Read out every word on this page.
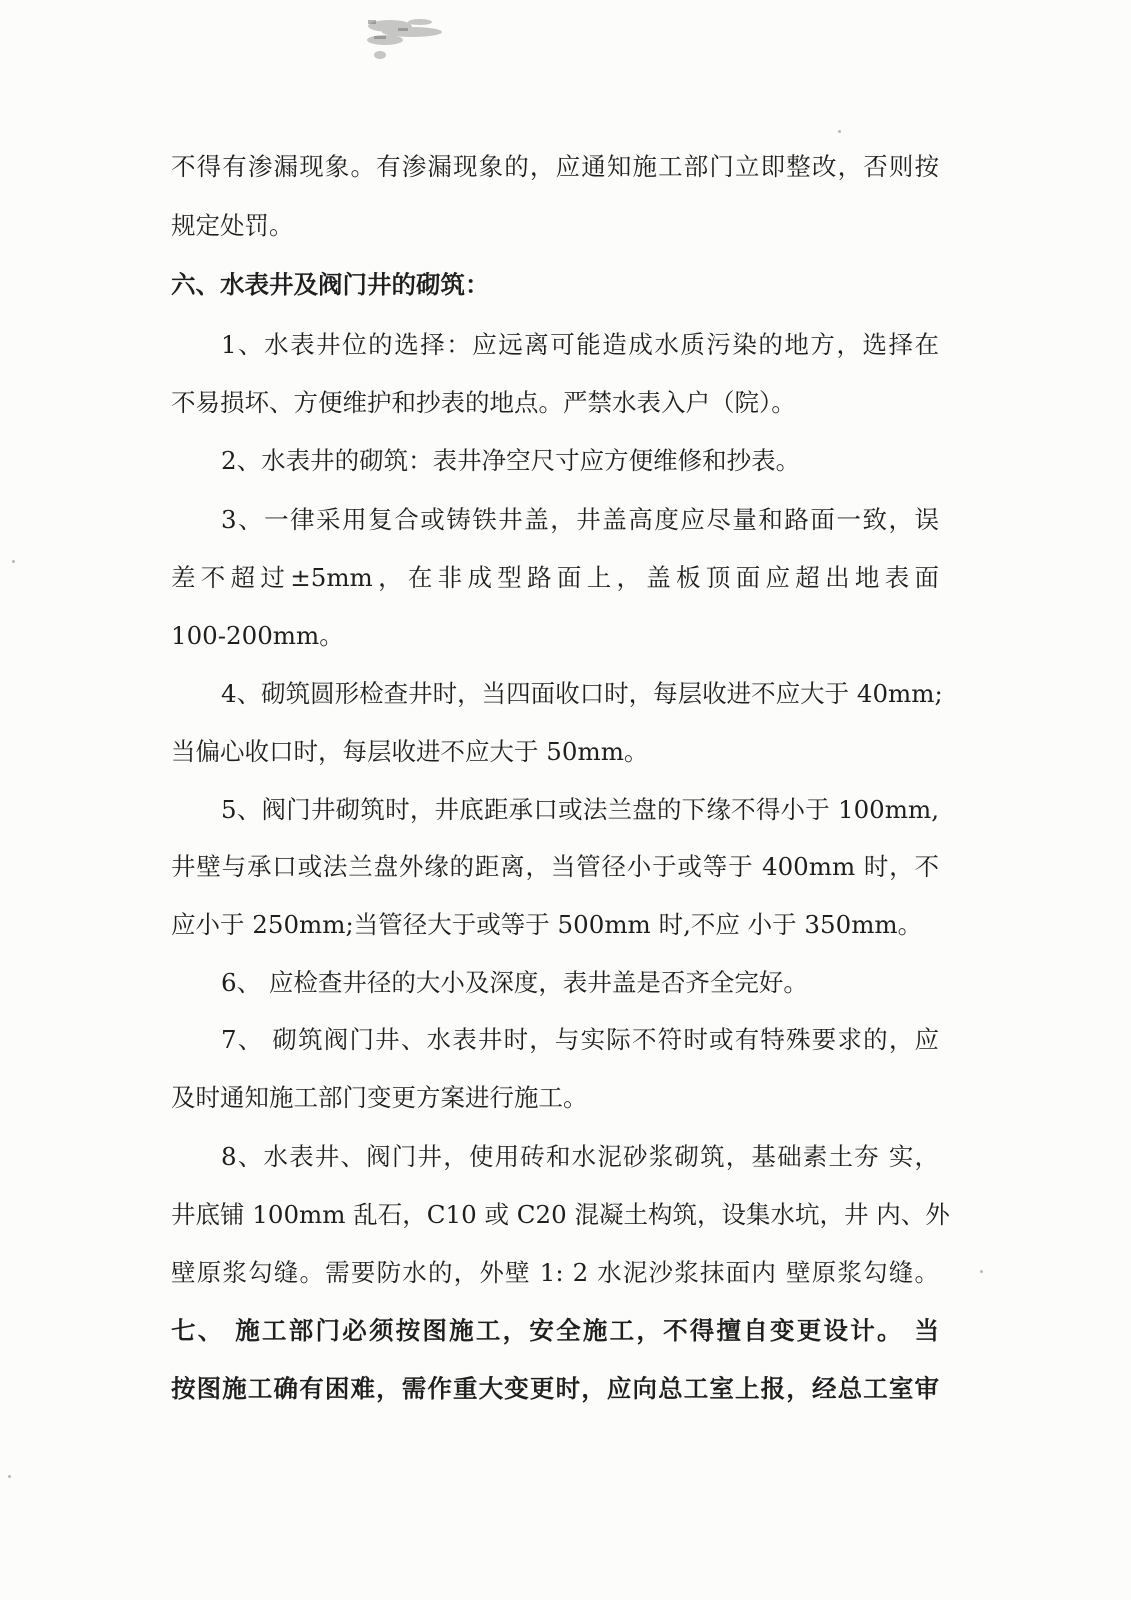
不得有渗漏现象。有渗漏现象的，应通知施工部门立即整改，否则按
规定处罚。
六、水表井及阀门井的砌筑：
1、水表井位的选择：应远离可能造成水质污染的地方，选择在
不易损坏、方便维护和抄表的地点。严禁水表入户（院）。
2、水表井的砌筑：表井净空尺寸应方便维修和抄表。
3、一律采用复合或铸铁井盖，井盖高度应尽量和路面一致，误
差不超过±5mm，在非成型路面上，盖板顶面应超出地表面
100-200mm。
4、砌筑圆形检查井时，当四面收口时，每层收进不应大于 40mm;
当偏心收口时，每层收进不应大于 50mm。
5、阀门井砌筑时，井底距承口或法兰盘的下缘不得小于 100mm,
井壁与承口或法兰盘外缘的距离，当管径小于或等于 400mm 时，不
应小于 250mm;当管径大于或等于 500mm 时,不应 小于 350mm。
6、 应检查井径的大小及深度，表井盖是否齐全完好。
7、 砌筑阀门井、水表井时，与实际不符时或有特殊要求的，应
及时通知施工部门变更方案进行施工。
8、水表井、阀门井，使用砖和水泥砂浆砌筑，基础素土夯 实，
井底铺 100mm 乱石，C10 或 C20 混凝土构筑，设集水坑，井 内、外
壁原浆勾缝。需要防水的，外壁 1: 2 水泥沙浆抹面内 壁原浆勾缝。
七、 施工部门必须按图施工，安全施工，不得擅自变更设计。 当
按图施工确有困难，需作重大变更时，应向总工室上报，经总工室审
